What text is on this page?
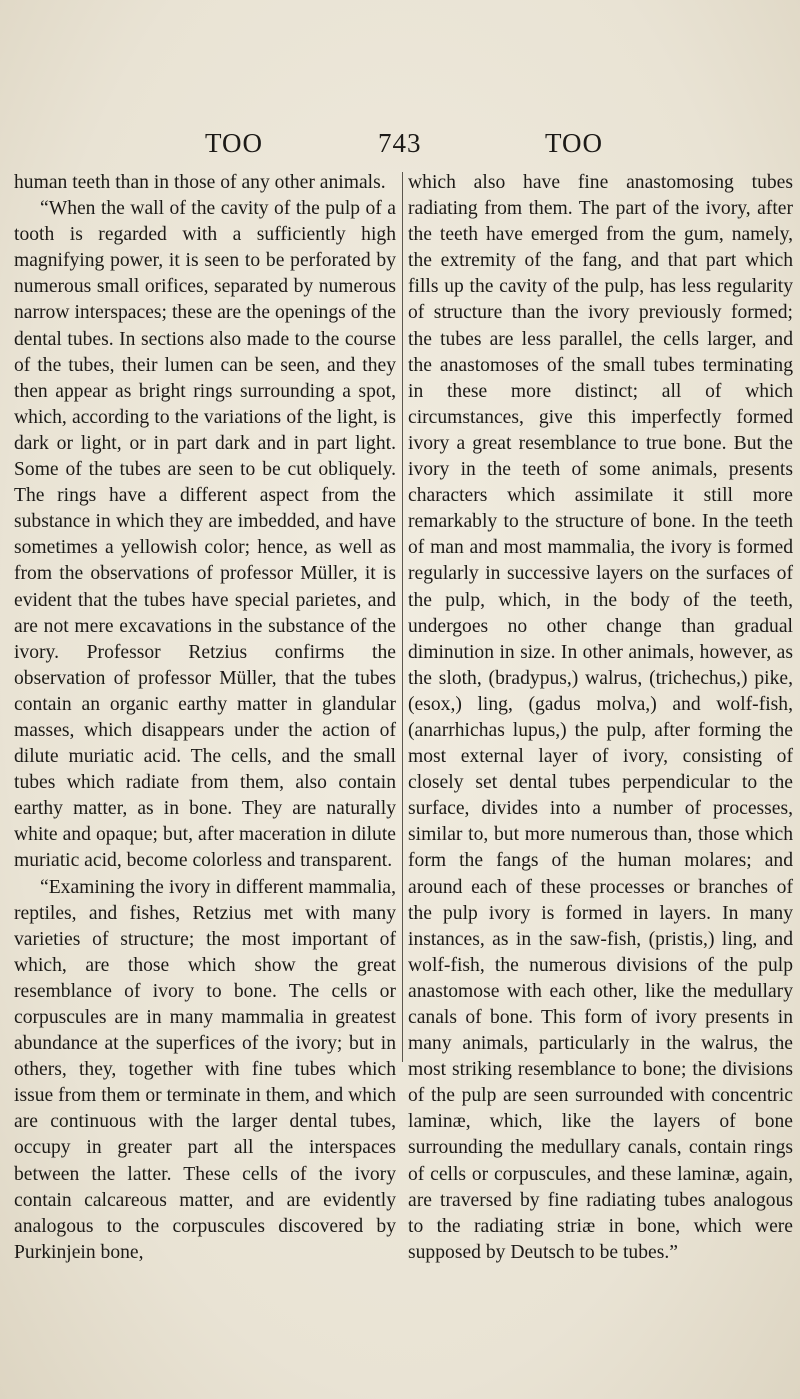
TOO	743	TOO

human teeth than in those of any other animals.

“When the wall of the cavity of the pulp of a tooth is regarded with a sufficiently high magnifying power, it is seen to be perforated by numerous small orifices, separated by numerous narrow interspaces; these are the openings of the dental tubes. In sections also made to the course of the tubes, their lumen can be seen, and they then appear as bright rings surrounding a spot, which, according to the variations of the light, is dark or light, or in part dark and in part light. Some of the tubes are seen to be cut obliquely. The rings have a different aspect from the substance in which they are imbedded, and have sometimes a yellowish color; hence, as well as from the observations of professor Müller, it is evident that the tubes have special parietes, and are not mere excavations in the substance of the ivory. Professor Retzius confirms the observation of professor Müller, that the tubes contain an organic earthy matter in glandular masses, which disappears under the action of dilute muriatic acid. The cells, and the small tubes which radiate from them, also contain earthy matter, as in bone. They are naturally white and opaque; but, after maceration in dilute muriatic acid, become colorless and transparent.

“Examining the ivory in different mammalia, reptiles, and fishes, Retzius met with many varieties of structure; the most important of which, are those which show the great resemblance of ivory to bone. The cells or corpuscules are in many mammalia in greatest abundance at the superfices of the ivory; but in others, they, together with fine tubes which issue from them or terminate in them, and which are continuous with the larger dental tubes, occupy in greater part all the interspaces between the latter. These cells of the ivory contain calcareous matter, and are evidently analogous to the corpuscules discovered by Purkinjein bone,

which also have fine anastomosing tubes radiating from them. The part of the ivory, after the teeth have emerged from the gum, namely, the extremity of the fang, and that part which fills up the cavity of the pulp, has less regularity of structure than the ivory previously formed; the tubes are less parallel, the cells larger, and the anastomoses of the small tubes terminating in these more distinct; all of which circumstances, give this imperfectly formed ivory a great resemblance to true bone. But the ivory in the teeth of some animals, presents characters which assimilate it still more remarkably to the structure of bone. In the teeth of man and most mammalia, the ivory is formed regularly in successive layers on the surfaces of the pulp, which, in the body of the teeth, undergoes no other change than gradual diminution in size. In other animals, however, as the sloth, (bradypus,) walrus, (trichechus,) pike, (esox,) ling, (gadus molva,) and wolf-fish, (anarrhichas lupus,) the pulp, after forming the most external layer of ivory, consisting of closely set dental tubes perpendicular to the surface, divides into a number of processes, similar to, but more numerous than, those which form the fangs of the human molares; and around each of these processes or branches of the pulp ivory is formed in layers. In many instances, as in the saw-fish, (pristis,) ling, and wolf-fish, the numerous divisions of the pulp anastomose with each other, like the medullary canals of bone. This form of ivory presents in many animals, particularly in the walrus, the most striking resemblance to bone; the divisions of the pulp are seen surrounded with concentric laminæ, which, like the layers of bone surrounding the medullary canals, contain rings of cells or corpuscules, and these laminæ, again, are traversed by fine radiating tubes analogous to the radiating striæ in bone, which were supposed by Deutsch to be tubes.”
